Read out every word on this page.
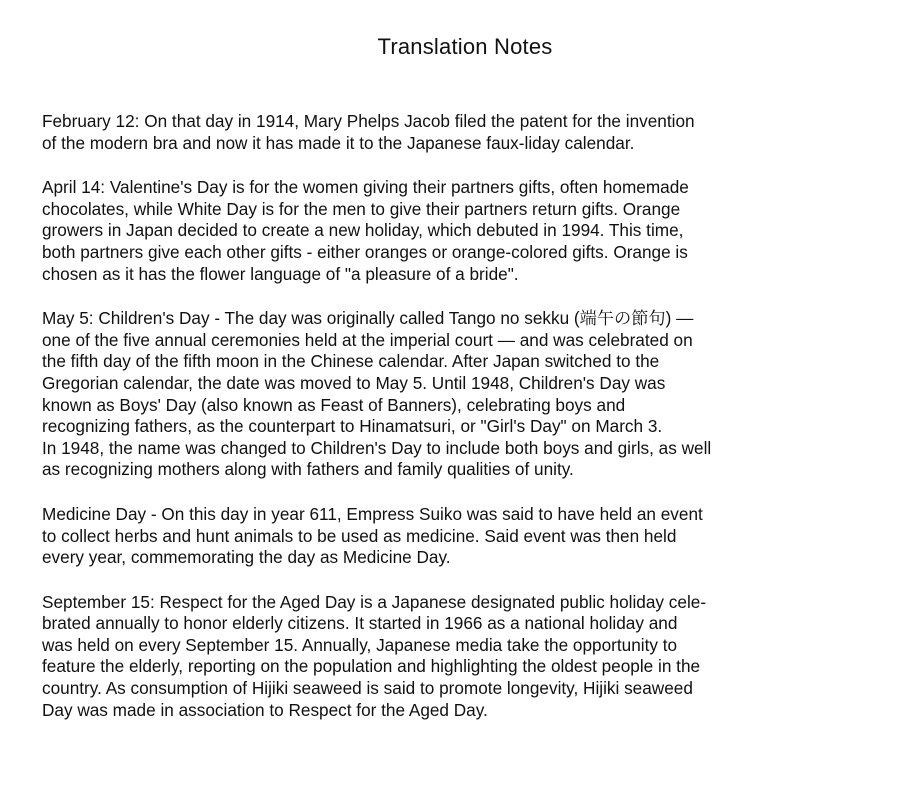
Translation Notes

February 12: On that day in 1914, Mary Phelps Jacob filed the patent for the invention
of the modern bra and now it has made it to the Japanese faux-liday calendar.

April 14: Valentine's Day is for the women giving their partners gifts, often homemade
chocolates, while White Day is for the men to give their partners return gifts. Orange
growers in Japan decided to create a new holiday, which debuted in 1994. This time,
both partners give each other gifts - either oranges or orange-colored gifts. Orange is
chosen as it has the flower language of "a pleasure of a bride".

May 5: Children's Day - The day was originally called Tango no sekku (端午の節句) —
one of the five annual ceremonies held at the imperial court — and was celebrated on
the fifth day of the fifth moon in the Chinese calendar. After Japan switched to the
Gregorian calendar, the date was moved to May 5. Until 1948, Children's Day was
known as Boys' Day (also known as Feast of Banners), celebrating boys and
recognizing fathers, as the counterpart to Hinamatsuri, or "Girl's Day" on March 3.
In 1948, the name was changed to Children's Day to include both boys and girls, as well
as recognizing mothers along with fathers and family qualities of unity.

Medicine Day - On this day in year 611, Empress Suiko was said to have held an event
to collect herbs and hunt animals to be used as medicine. Said event was then held
every year, commemorating the day as Medicine Day.

September 15: Respect for the Aged Day is a Japanese designated public holiday cele-
brated annually to honor elderly citizens. It started in 1966 as a national holiday and
was held on every September 15. Annually, Japanese media take the opportunity to
feature the elderly, reporting on the population and highlighting the oldest people in the
country. As consumption of Hijiki seaweed is said to promote longevity, Hijiki seaweed
Day was made in association to Respect for the Aged Day.
